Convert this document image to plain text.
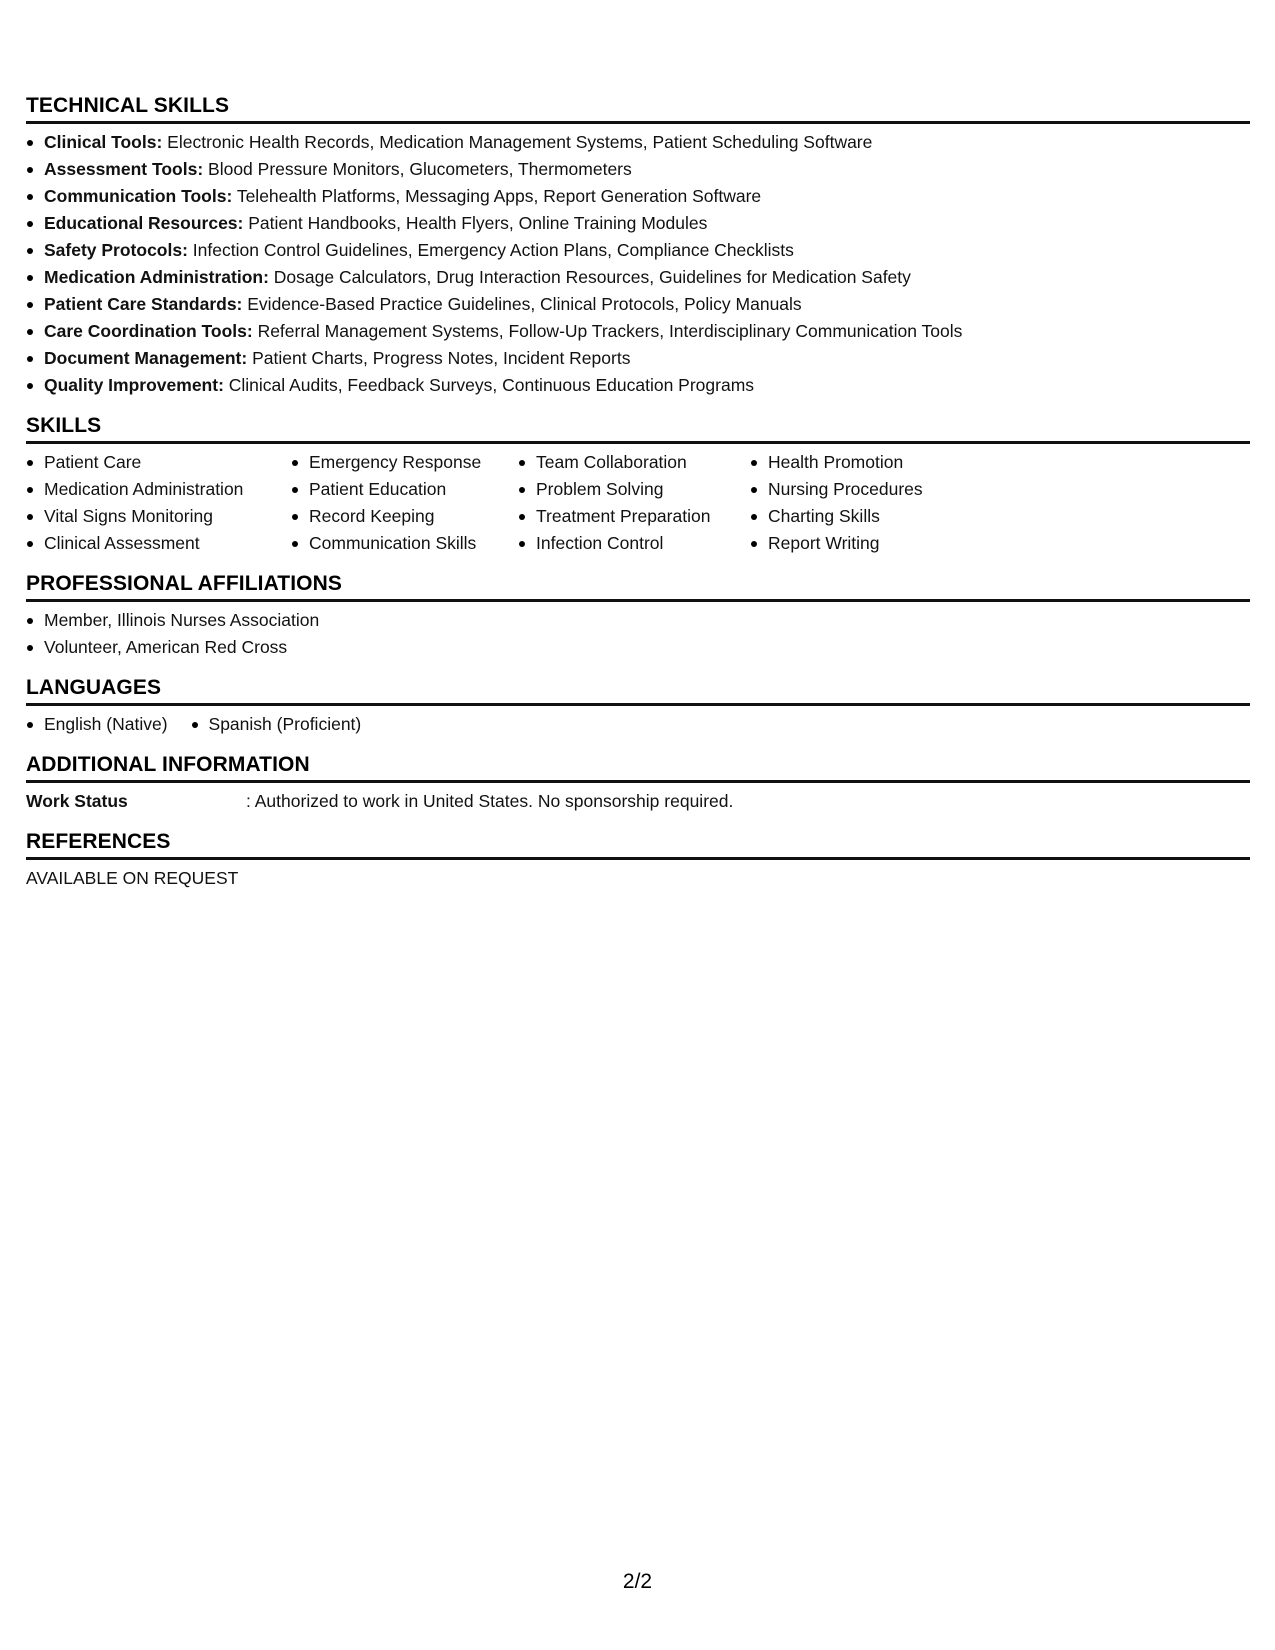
TECHNICAL SKILLS
Clinical Tools: Electronic Health Records, Medication Management Systems, Patient Scheduling Software
Assessment Tools: Blood Pressure Monitors, Glucometers, Thermometers
Communication Tools: Telehealth Platforms, Messaging Apps, Report Generation Software
Educational Resources: Patient Handbooks, Health Flyers, Online Training Modules
Safety Protocols: Infection Control Guidelines, Emergency Action Plans, Compliance Checklists
Medication Administration: Dosage Calculators, Drug Interaction Resources, Guidelines for Medication Safety
Patient Care Standards: Evidence-Based Practice Guidelines, Clinical Protocols, Policy Manuals
Care Coordination Tools: Referral Management Systems, Follow-Up Trackers, Interdisciplinary Communication Tools
Document Management: Patient Charts, Progress Notes, Incident Reports
Quality Improvement: Clinical Audits, Feedback Surveys, Continuous Education Programs
SKILLS
Patient Care
Medication Administration
Vital Signs Monitoring
Clinical Assessment
Emergency Response
Patient Education
Record Keeping
Communication Skills
Team Collaboration
Problem Solving
Treatment Preparation
Infection Control
Health Promotion
Nursing Procedures
Charting Skills
Report Writing
PROFESSIONAL AFFILIATIONS
Member, Illinois Nurses Association
Volunteer, American Red Cross
LANGUAGES
English (Native)	Spanish (Proficient)
ADDITIONAL INFORMATION
Work Status	: Authorized to work in United States. No sponsorship required.
REFERENCES
AVAILABLE ON REQUEST
2/2
